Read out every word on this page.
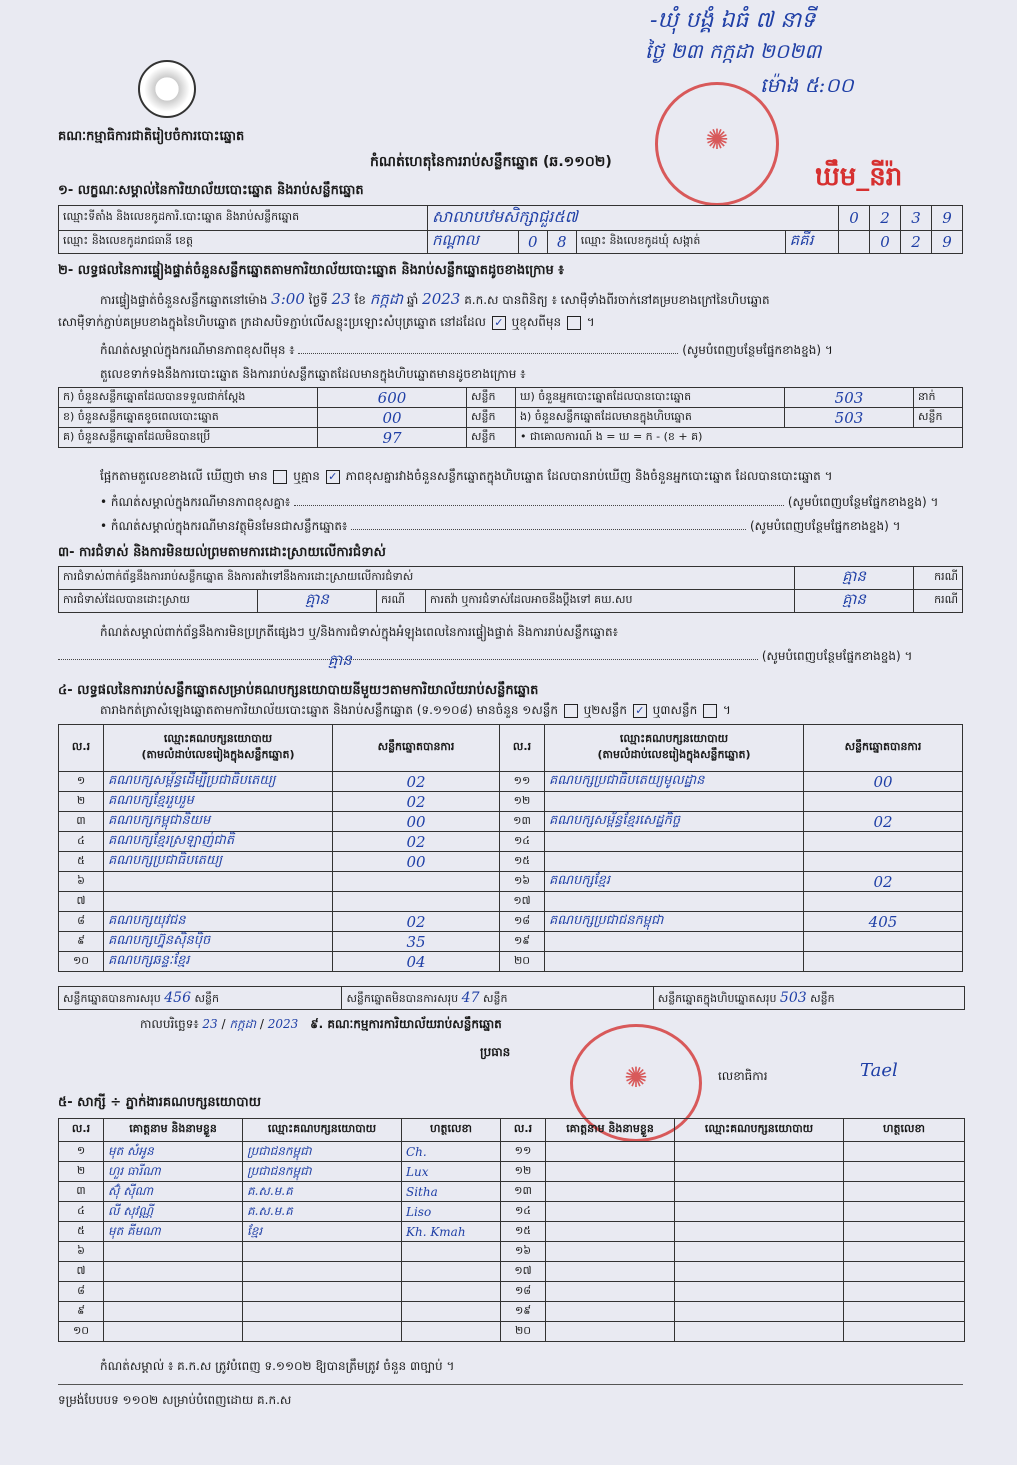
-ឃុំ បង្គំ ឯធំ ៧ នាទី
ថ្ងៃ ២៣ កក្កដា ២០២៣
ម៉ោង ៥:០០
✺
ឃឹម_នីរ៉ា
គណៈកម្មាធិការជាតិរៀបចំការបោះឆ្នោត
កំណត់ហេតុនៃការរាប់សន្លឹកឆ្នោត (ឆ.១១០២)
១- លក្ខណៈសម្គាល់នៃការិយាល័យបោះឆ្នោត និងរាប់សន្លឹកឆ្នោត
ឈ្មោះទីតាំង និងលេខកូដការិ.បោះឆ្នោត និងរាប់សន្លឹកឆ្នោត	សាលាបឋមសិក្សាជួរ៥៧					0	2	3	9
ឈ្មោះ និងលេខកូដរាជធានី ខេត្ត	កណ្ដាល	0	8	ឈ្មោះ និងលេខកូដឃុំ សង្កាត់	គគីរ		0	2	9
២- លទ្ធផលនៃការផ្ទៀងផ្ទាត់ចំនួនសន្លឹកឆ្នោតតាមការិយាល័យបោះឆ្នោត និងរាប់សន្លឹកឆ្នោតដូចខាងក្រោម ៖
ការផ្ទៀងផ្ទាត់ចំនួនសន្លឹកឆ្នោតនៅម៉ោង 3:00 ថ្ងៃទី 23 ខែ កក្កដា ឆ្នាំ 2023 គ.ក.ស បានពិនិត្យ ៖ សោម៉ឺទាំងពីរចាក់នៅគម្របខាងក្រៅនៃហិបឆ្នោត
សោម៉ឺទាក់ភ្ជាប់គម្របខាងក្នុងនៃហិបឆ្នោត ក្រដាសបិទភ្ជាប់លើសន្លុះប្រឡោះសំបុត្រឆ្នោត នៅដដែល ✓ ឬខុសពីមុន  ។
កំណត់សម្គាល់ក្នុងករណីមានភាពខុសពីមុន ៖	(សូមបំពេញបន្ថែមផ្នែកខាងខ្នង) ។
តួលេខទាក់ទងនឹងការបោះឆ្នោត និងការរាប់សន្លឹកឆ្នោតដែលមានក្នុងហិបឆ្នោតមានដូចខាងក្រោម ៖
ក) ចំនួនសន្លឹកឆ្នោតដែលបានទទួលជាក់ស្តែង	600	សន្លឹក	ឃ) ចំនួនអ្នកបោះឆ្នោតដែលបានបោះឆ្នោត	503	នាក់
ខ) ចំនួនសន្លឹកឆ្នោតខូចពេលបោះឆ្នោត	00	សន្លឹក	ង) ចំនួនសន្លឹកឆ្នោតដែលមានក្នុងហិបឆ្នោត	503	សន្លឹក
គ) ចំនួនសន្លឹកឆ្នោតដែលមិនបានប្រើ	97	សន្លឹក	• ជាគោលការណ៍ ង = ឃ = ក - (ខ + គ)		
ផ្អែកតាមតួលេខខាងលើ ឃើញថា មាន ឬគ្មាន ✓ ភាពខុសគ្នារវាងចំនួនសន្លឹកឆ្នោតក្នុងហិបឆ្នោត ដែលបានរាប់ឃើញ និងចំនួនអ្នកបោះឆ្នោត ដែលបានបោះឆ្នោត ។
• កំណត់សម្គាល់ក្នុងករណីមានភាពខុសគ្នា៖	(សូមបំពេញបន្ថែមផ្នែកខាងខ្នង) ។
• កំណត់សម្គាល់ក្នុងករណីមានវត្ថុមិនមែនជាសន្លឹកឆ្នោត៖	(សូមបំពេញបន្ថែមផ្នែកខាងខ្នង) ។
៣- ការជំទាស់ និងការមិនយល់ព្រមតាមការដោះស្រាយលើការជំទាស់
ការជំទាស់ពាក់ព័ន្ធនឹងការរាប់សន្លឹកឆ្នោត និងការតវ៉ាទៅនឹងការដោះស្រាយលើការជំទាស់				គ្មាន	ករណី
ការជំទាស់ដែលបានដោះស្រាយ	គ្មាន	ករណី	ការតវ៉ា ឬការជំទាស់ដែលអាចនឹងប្ដឹងទៅ គឃ.សប	គ្មាន	ករណី
កំណត់សម្គាល់ពាក់ព័ន្ធនឹងការមិនប្រក្រតីផ្សេងៗ ឬ/និងការជំទាស់ក្នុងអំឡុងពេលនៃការផ្ទៀងផ្ទាត់ និងការរាប់សន្លឹកឆ្នោត៖
គ្មាន	(សូមបំពេញបន្ថែមផ្នែកខាងខ្នង) ។
៤- លទ្ធផលនៃការរាប់សន្លឹកឆ្នោតសម្រាប់គណបក្សនយោបាយនីមួយៗតាមការិយាល័យរាប់សន្លឹកឆ្នោត
តារាងកត់ត្រាសំឡេងឆ្នោតតាមការិយាល័យបោះឆ្នោត និងរាប់សន្លឹកឆ្នោត (ទ.១១០៨) មានចំនួន ១សន្លឹក ឬ២សន្លឹក ✓ ឬ៣សន្លឹក  ។
ល.រ	ឈ្មោះគណបក្សនយោបាយ
(តាមលំដាប់លេខរៀងក្នុងសន្លឹកឆ្នោត)	សន្លឹកឆ្នោតបានការ	ល.រ	ឈ្មោះគណបក្សនយោបាយ
(តាមលំដាប់លេខរៀងក្នុងសន្លឹកឆ្នោត)	សន្លឹកឆ្នោតបានការ
១	គណបក្សសម្ព័ន្ធដើម្បីប្រជាធិបតេយ្យ	02	១១	គណបក្សប្រជាធិបតេយ្យមូលដ្ឋាន	00
២	គណបក្សខ្មែររួបរួម	02	១២		
៣	គណបក្សកម្ពុជានិយម	00	១៣	គណបក្សសម្ព័ន្ធខ្មែរសេដ្ឋកិច្ច	02
៤	គណបក្សខ្មែរស្រឡាញ់ជាតិ	02	១៤		
៥	គណបក្សប្រជាធិបតេយ្យ	00	១៥		
៦			១៦	គណបក្សខ្មែរ	02
៧			១៧		
៨	គណបក្សយុវជន	02	១៨	គណបក្សប្រជាជនកម្ពុជា	405
៩	គណបក្សហ្វ៊ុនស៊ិនប៉ិច	35	១៩		
១០	គណបក្សឆន្ទៈខ្មែរ	04	២០		
សន្លឹកឆ្នោតបានការសរុប 456 សន្លឹក	សន្លឹកឆ្នោតមិនបានការសរុប 47 សន្លឹក	សន្លឹកឆ្នោតក្នុងហិបឆ្នោតសរុប 503 សន្លឹក
កាលបរិច្ឆេទ៖ 23 / កក្កដា / 2023 ៩. គណៈកម្មការការិយាល័យរាប់សន្លឹកឆ្នោត
ប្រធាន
✺	លេខាធិការ	Tael
៥- សាក្សី ÷ ភ្នាក់ងារគណបក្សនយោបាយ
ល.រ	គោត្តនាម និងនាមខ្លួន	ឈ្មោះគណបក្សនយោបាយ	ហត្ថលេខា	ល.រ	គោត្តនាម និងនាមខ្លួន	ឈ្មោះគណបក្សនយោបាយ	ហត្ថលេខា
១	មុត សំអូន	ប្រជាជនកម្ពុជា	Ch.	១១			
២	ហួរ ធារីណា	ប្រជាជនកម្ពុជា	Lux	១២			
៣	ស៊ុំ ស៊ីណា	គ.ស.ម.គ	Sitha	១៣			
៤	លី សុវណ្ណី	គ.ស.ម.គ	Liso	១៤			
៥	មុត គីមណា	ខ្មែរ	Kh. Kmah	១៥			
៦				១៦			
៧				១៧			
៨				១៨			
៩				១៩			
១០				២០			
កំណត់សម្គាល់ ៖ គ.ក.ស ត្រូវបំពេញ ទ.១១០២ ឱ្យបានត្រឹមត្រូវ ចំនួន ៣ច្បាប់ ។
ទម្រង់បែបបទ ១១០២ សម្រាប់បំពេញដោយ គ.ក.ស
